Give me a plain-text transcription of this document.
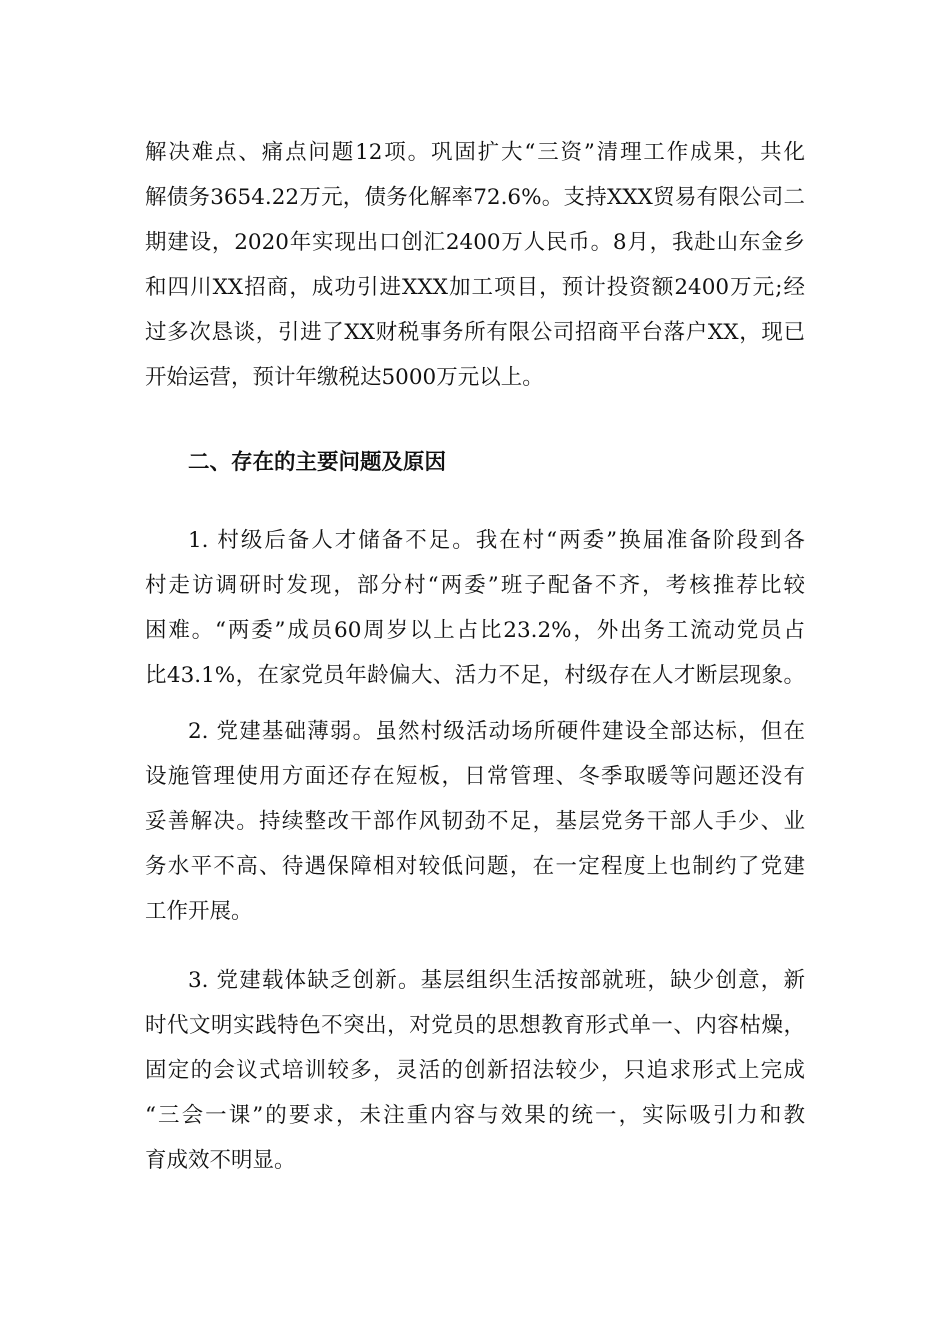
解决难点、痛点问题12项。巩固扩大“三资”清理工作成果，共化
解债务3654.22万元，债务化解率72.6%。支持XXX贸易有限公司二
期建设，2020年实现出口创汇2400万人民币。8月，我赴山东金乡
和四川XX招商，成功引进XXX加工项目，预计投资额2400万元;经
过多次恳谈，引进了XX财税事务所有限公司招商平台落户XX，现已
开始运营，预计年缴税达5000万元以上。
二、存在的主要问题及原因
1. 村级后备人才储备不足。我在村“两委”换届准备阶段到各
村走访调研时发现，部分村“两委”班子配备不齐，考核推荐比较
困难。“两委”成员60周岁以上占比23.2%，外出务工流动党员占
比43.1%，在家党员年龄偏大、活力不足，村级存在人才断层现象。
2. 党建基础薄弱。虽然村级活动场所硬件建设全部达标，但在
设施管理使用方面还存在短板，日常管理、冬季取暖等问题还没有
妥善解决。持续整改干部作风韧劲不足，基层党务干部人手少、业
务水平不高、待遇保障相对较低问题，在一定程度上也制约了党建
工作开展。
3. 党建载体缺乏创新。基层组织生活按部就班，缺少创意，新
时代文明实践特色不突出，对党员的思想教育形式单一、内容枯燥，
固定的会议式培训较多，灵活的创新招法较少，只追求形式上完成
“三会一课”的要求，未注重内容与效果的统一，实际吸引力和教
育成效不明显。
